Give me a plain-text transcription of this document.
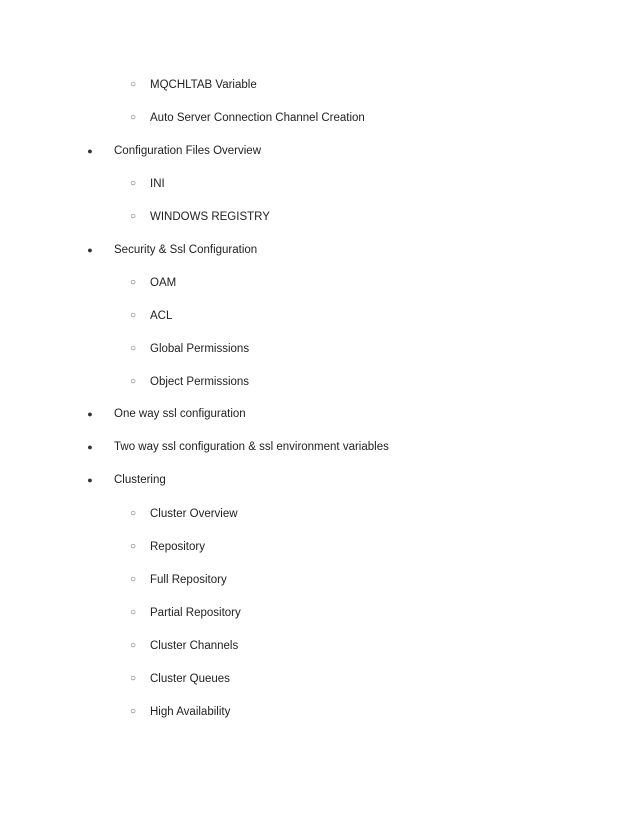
○ MQCHLTAB Variable
○ Auto Server Connection Channel Creation
● Configuration Files Overview
○ INI
○ WINDOWS REGISTRY
● Security & Ssl Configuration
○ OAM
○ ACL
○ Global Permissions
○ Object Permissions
● One way ssl configuration
● Two way ssl configuration & ssl environment variables
● Clustering
○ Cluster Overview
○ Repository
○ Full Repository
○ Partial Repository
○ Cluster Channels
○ Cluster Queues
○ High Availability
